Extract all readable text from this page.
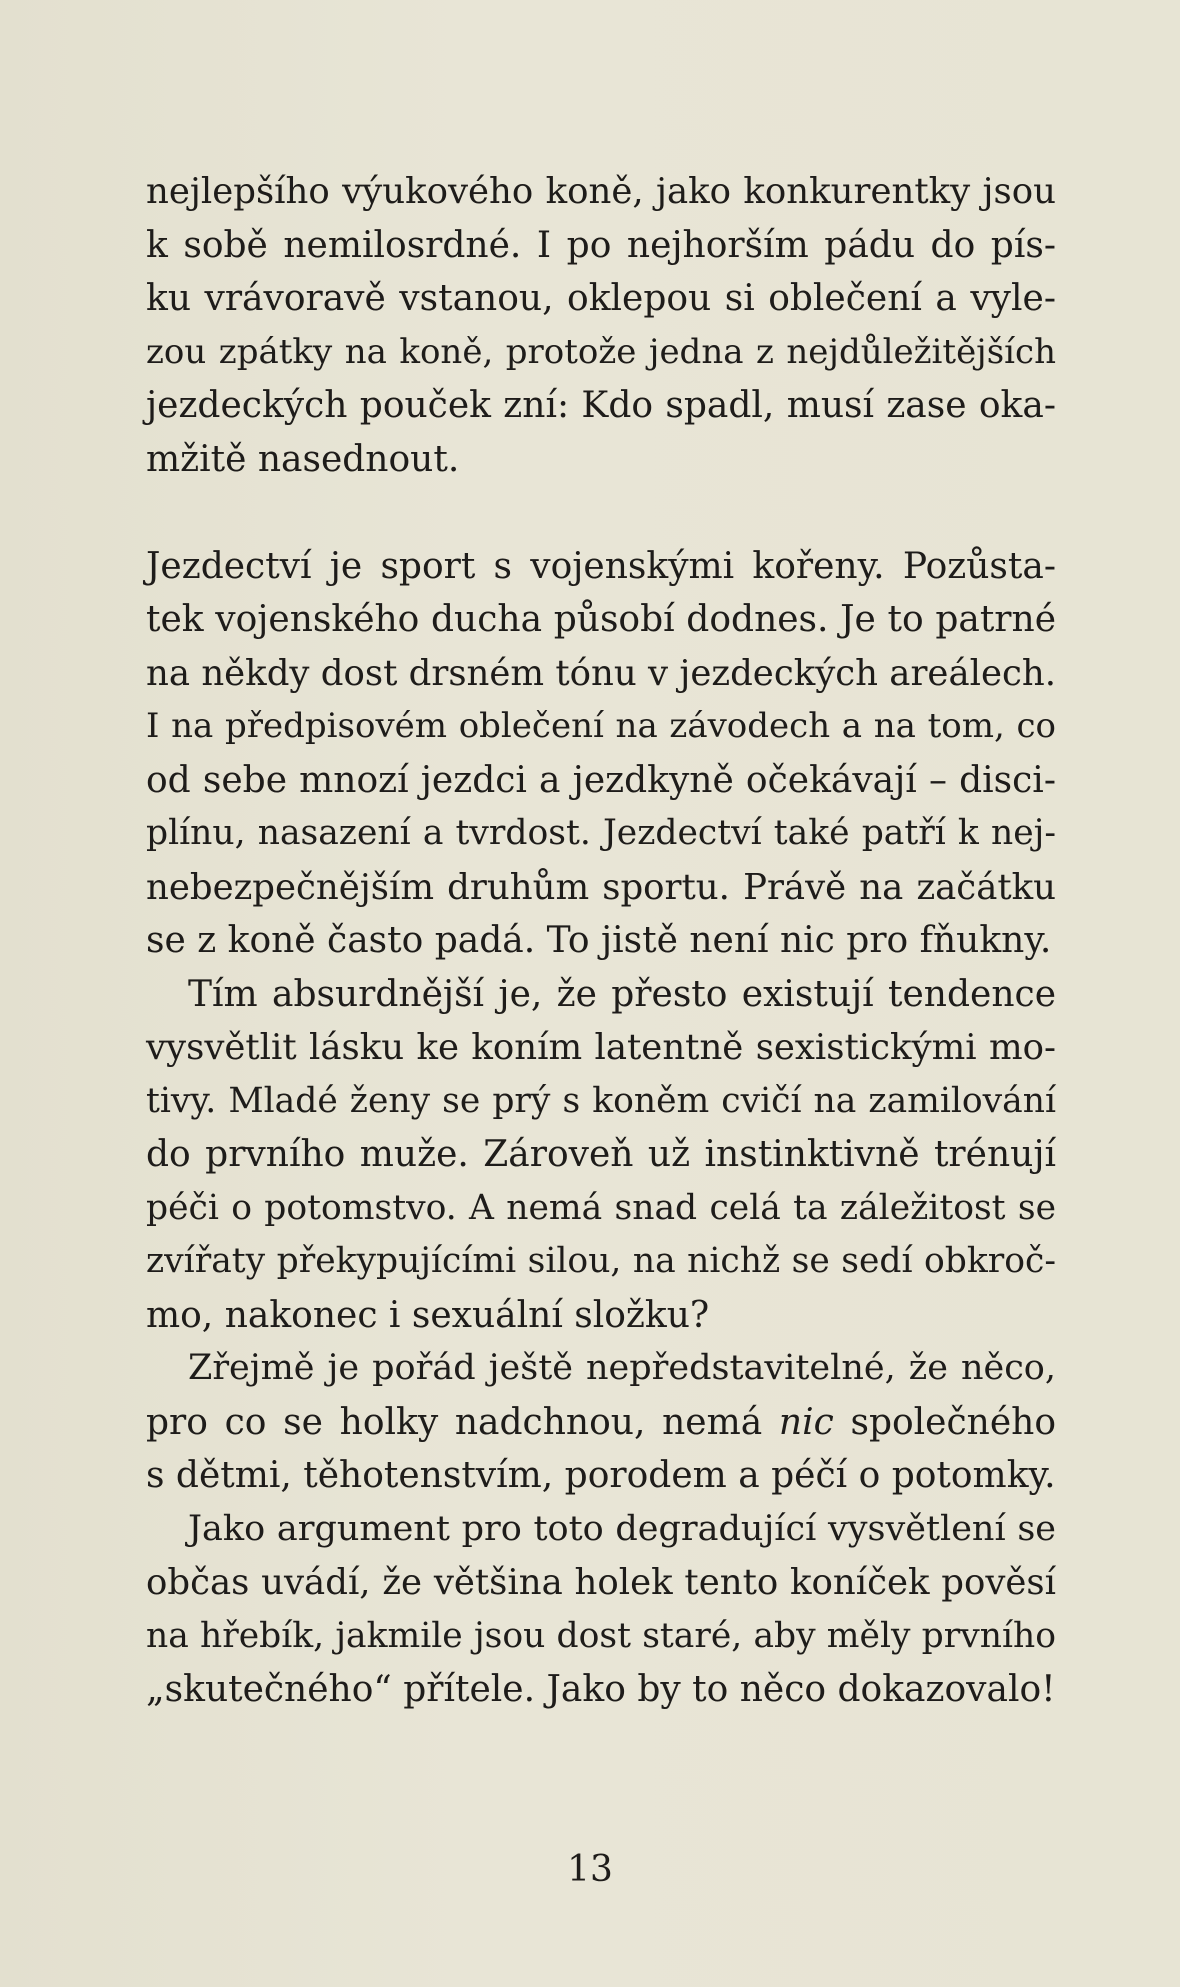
nejlepšího výukového koně, jako konkurentky jsou
k sobě nemilosrdné. I po nejhorším pádu do pís-
ku vrávoravě vstanou, oklepou si oblečení a vyle-
zou zpátky na koně, protože jedna z nejdůležitějších
jezdeckých pouček zní: Kdo spadl, musí zase oka-
mžitě nasednout.
Jezdectví je sport s vojenskými kořeny. Pozůsta-
tek vojenského ducha působí dodnes. Je to patrné
na někdy dost drsném tónu v jezdeckých areálech.
I na předpisovém oblečení na závodech a na tom, co
od sebe mnozí jezdci a jezdkyně očekávají – disci-
plínu, nasazení a tvrdost. Jezdectví také patří k nej-
nebezpečnějším druhům sportu. Právě na začátku
se z koně často padá. To jistě není nic pro fňukny.
Tím absurdnější je, že přesto existují tendence
vysvětlit lásku ke koním latentně sexistickými mo-
tivy. Mladé ženy se prý s koněm cvičí na zamilování
do prvního muže. Zároveň už instinktivně trénují
péči o potomstvo. A nemá snad celá ta záležitost se
zvířaty překypujícími silou, na nichž se sedí obkroč-
mo, nakonec i sexuální složku?
Zřejmě je pořád ještě nepředstavitelné, že něco,
pro co se holky nadchnou, nemá nic společného
s dětmi, těhotenstvím, porodem a péčí o potomky.
Jako argument pro toto degradující vysvětlení se
občas uvádí, že většina holek tento koníček pověsí
na hřebík, jakmile jsou dost staré, aby měly prvního
„skutečného“ přítele. Jako by to něco dokazovalo!
13
